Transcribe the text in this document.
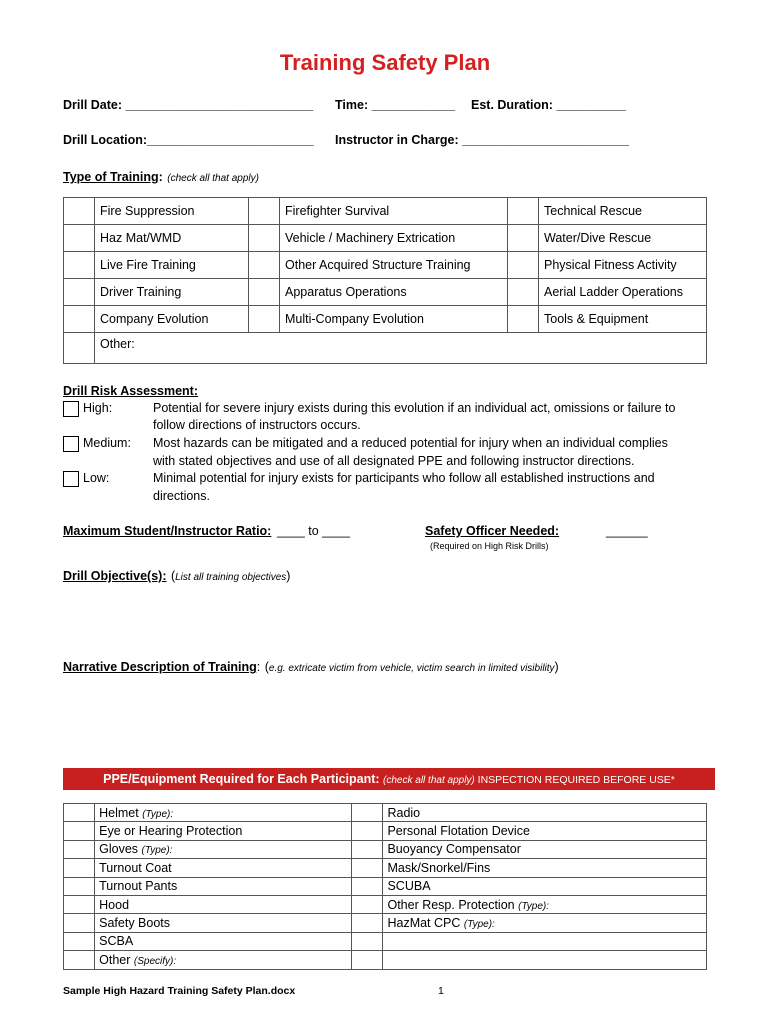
Training Safety Plan
Drill Date: ___________________________ Time: ____________ Est. Duration: __________
Drill Location:________________________ Instructor in Charge: ________________________
Type of Training: (check all that apply)
	Fire Suppression		Firefighter Survival		Technical Rescue
	Haz Mat/WMD		Vehicle / Machinery Extrication		Water/Dive Rescue
	Live Fire Training		Other Acquired Structure Training		Physical Fitness Activity
	Driver Training		Apparatus Operations		Aerial Ladder Operations
	Company Evolution		Multi-Company Evolution		Tools & Equipment
	Other:				
Drill Risk Assessment:
High:	Potential for severe injury exists during this evolution if an individual act, omissions or failure to
follow directions of instructors occurs.
Medium: Most hazards can be mitigated and a reduced potential for injury when an individual complies
with stated objectives and use of all designated PPE and following instructor directions.
Low:	Minimal potential for injury exists for participants who follow all established instructions and
directions.
Maximum Student/Instructor Ratio: ____ to ____	Safety Officer Needed:	______
(Required on High Risk Drills)
Drill Objective(s): (List all training objectives)
Narrative Description of Training: (e.g. extricate victim from vehicle, victim search in limited visibility)
PPE/Equipment Required for Each Participant: (check all that apply) INSPECTION REQUIRED BEFORE USE*
	Helmet (Type):		Radio
	Eye or Hearing Protection		Personal Flotation Device
	Gloves (Type):		Buoyancy Compensator
	Turnout Coat		Mask/Snorkel/Fins
	Turnout Pants		SCUBA
	Hood		Other Resp. Protection (Type):
	Safety Boots		HazMat CPC (Type):
	SCBA		
	Other (Specify):		
Sample High Hazard Training Safety Plan.docx	1
